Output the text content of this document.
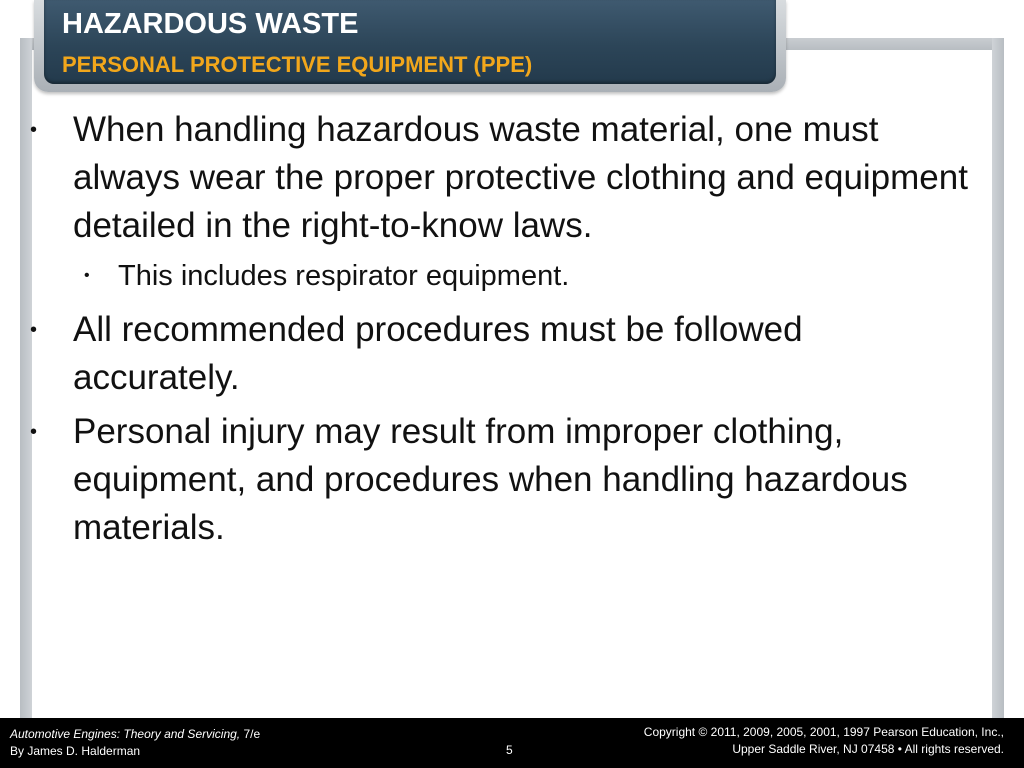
HAZARDOUS WASTE
PERSONAL PROTECTIVE EQUIPMENT (PPE)
• When handling hazardous waste material, one must always wear the proper protective clothing and equipment detailed in the right-to-know laws.
• This includes respirator equipment.
• All recommended procedures must be followed accurately.
• Personal injury may result from improper clothing, equipment, and procedures when handling hazardous materials.
Automotive Engines: Theory and Servicing, 7/e
By James D. Halderman	5
Copyright © 2011, 2009, 2005, 2001, 1997 Pearson Education, Inc.,
Upper Saddle River, NJ 07458 • All rights reserved.
